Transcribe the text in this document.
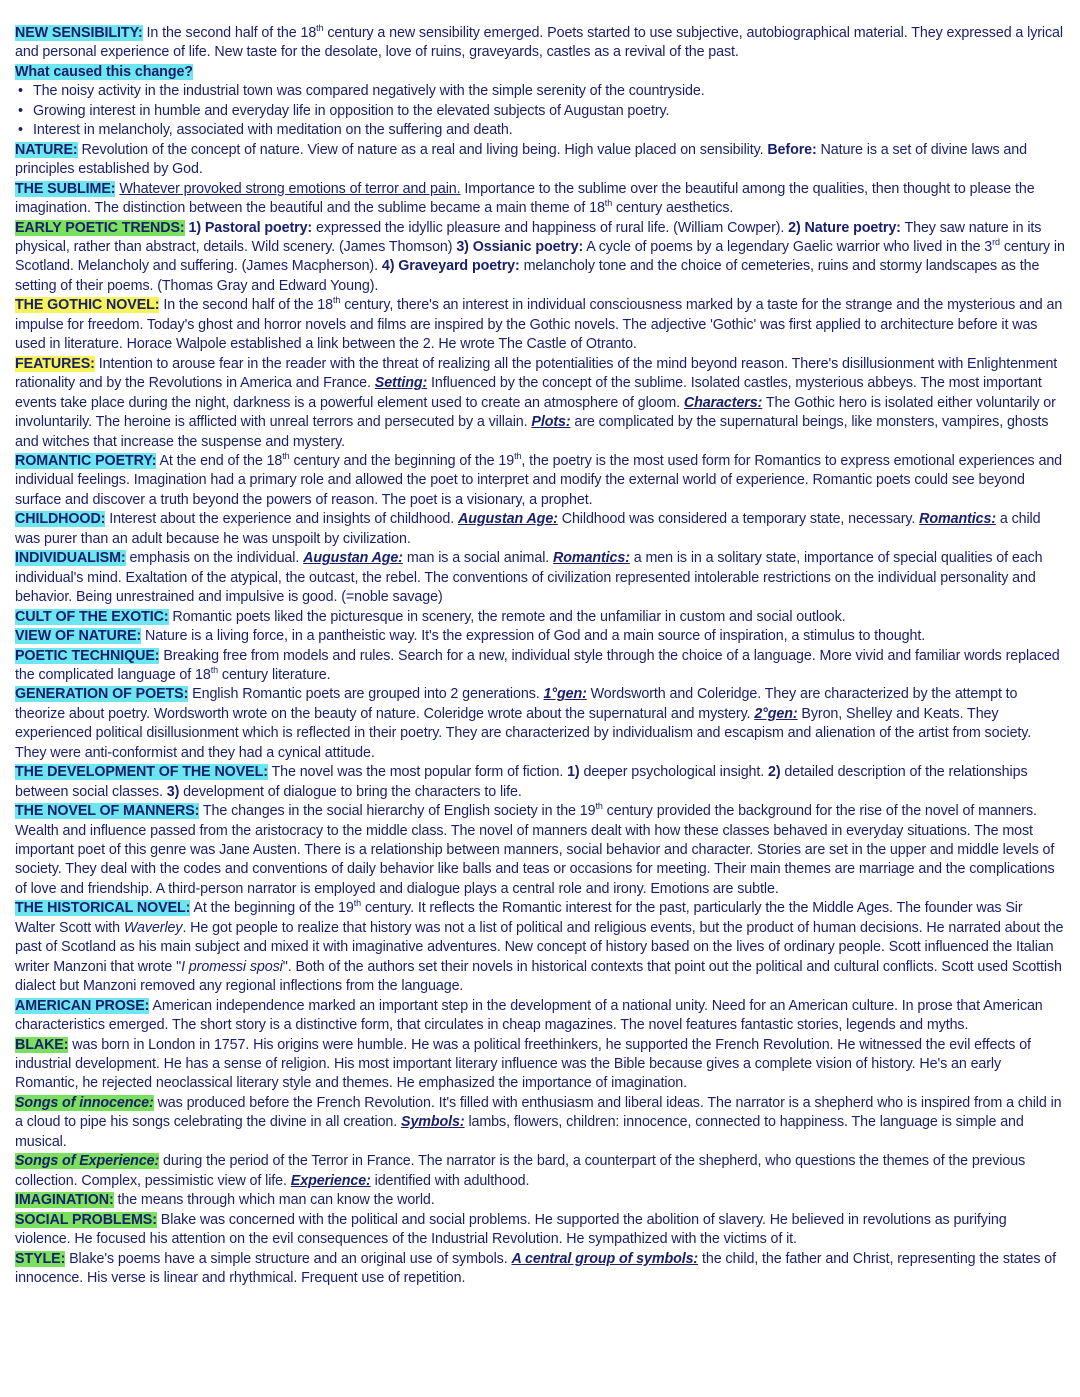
NEW SENSIBILITY: In the second half of the 18th century a new sensibility emerged. Poets started to use subjective, autobiographical material. They expressed a lyrical and personal experience of life. New taste for the desolate, love of ruins, graveyards, castles as a revival of the past.

What caused this change?

• The noisy activity in the industrial town was compared negatively with the simple serenity of the countryside.
• Growing interest in humble and everyday life in opposition to the elevated subjects of Augustan poetry.
• Interest in melancholy, associated with meditation on the suffering and death.

NATURE: Revolution of the concept of nature. View of nature as a real and living being. High value placed on sensibility. Before: Nature is a set of divine laws and principles established by God.

THE SUBLIME: Whatever provoked strong emotions of terror and pain. Importance to the sublime over the beautiful among the qualities, then thought to please the imagination. The distinction between the beautiful and the sublime became a main theme of 18th century aesthetics.

EARLY POETIC TRENDS: 1) Pastoral poetry: expressed the idyllic pleasure and happiness of rural life. (William Cowper). 2) Nature poetry: They saw nature in its physical, rather than abstract, details. Wild scenery. (James Thomson) 3) Ossianic poetry: A cycle of poems by a legendary Gaelic warrior who lived in the 3rd century in Scotland. Melancholy and suffering. (James Macpherson). 4) Graveyard poetry: melancholy tone and the choice of cemeteries, ruins and stormy landscapes as the setting of their poems. (Thomas Gray and Edward Young).

THE GOTHIC NOVEL: In the second half of the 18th century, there's an interest in individual consciousness marked by a taste for the strange and the mysterious and an impulse for freedom. Today's ghost and horror novels and films are inspired by the Gothic novels. The adjective 'Gothic' was first applied to architecture before it was used in literature. Horace Walpole established a link between the 2. He wrote The Castle of Otranto.

FEATURES: Intention to arouse fear in the reader with the threat of realizing all the potentialities of the mind beyond reason. There's disillusionment with Enlightenment rationality and by the Revolutions in America and France. Setting: Influenced by the concept of the sublime. Isolated castles, mysterious abbeys. The most important events take place during the night, darkness is a powerful element used to create an atmosphere of gloom. Characters: The Gothic hero is isolated either voluntarily or involuntarily. The heroine is afflicted with unreal terrors and persecuted by a villain. Plots: are complicated by the supernatural beings, like monsters, vampires, ghosts and witches that increase the suspense and mystery.

ROMANTIC POETRY: At the end of the 18th century and the beginning of the 19th, the poetry is the most used form for Romantics to express emotional experiences and individual feelings. Imagination had a primary role and allowed the poet to interpret and modify the external world of experience. Romantic poets could see beyond surface and discover a truth beyond the powers of reason. The poet is a visionary, a prophet.

CHILDHOOD: Interest about the experience and insights of childhood. Augustan Age: Childhood was considered a temporary state, necessary. Romantics: a child was purer than an adult because he was unspoilt by civilization.

INDIVIDUALISM: emphasis on the individual. Augustan Age: man is a social animal. Romantics: a men is in a solitary state, importance of special qualities of each individual's mind. Exaltation of the atypical, the outcast, the rebel. The conventions of civilization represented intolerable restrictions on the individual personality and behavior. Being unrestrained and impulsive is good. (=noble savage)

CULT OF THE EXOTIC: Romantic poets liked the picturesque in scenery, the remote and the unfamiliar in custom and social outlook.

VIEW OF NATURE: Nature is a living force, in a pantheistic way. It's the expression of God and a main source of inspiration, a stimulus to thought.

POETIC TECHNIQUE: Breaking free from models and rules. Search for a new, individual style through the choice of a language. More vivid and familiar words replaced the complicated language of 18th century literature.

GENERATION OF POETS: English Romantic poets are grouped into 2 generations. 1°gen: Wordsworth and Coleridge. They are characterized by the attempt to theorize about poetry. Wordsworth wrote on the beauty of nature. Coleridge wrote about the supernatural and mystery. 2°gen: Byron, Shelley and Keats. They experienced political disillusionment which is reflected in their poetry. They are characterized by individualism and escapism and alienation of the artist from society. They were anti-conformist and they had a cynical attitude.

THE DEVELOPMENT OF THE NOVEL: The novel was the most popular form of fiction. 1) deeper psychological insight. 2) detailed description of the relationships between social classes. 3) development of dialogue to bring the characters to life.

THE NOVEL OF MANNERS: The changes in the social hierarchy of English society in the 19th century provided the background for the rise of the novel of manners. Wealth and influence passed from the aristocracy to the middle class. The novel of manners dealt with how these classes behaved in everyday situations. The most important poet of this genre was Jane Austen. There is a relationship between manners, social behavior and character. Stories are set in the upper and middle levels of society. They deal with the codes and conventions of daily behavior like balls and teas or occasions for meeting. Their main themes are marriage and the complications of love and friendship. A third-person narrator is employed and dialogue plays a central role and irony. Emotions are subtle.

THE HISTORICAL NOVEL: At the beginning of the 19th century. It reflects the Romantic interest for the past, particularly the the Middle Ages. The founder was Sir Walter Scott with Waverley. He got people to realize that history was not a list of political and religious events, but the product of human decisions. He narrated about the past of Scotland as his main subject and mixed it with imaginative adventures. New concept of history based on the lives of ordinary people. Scott influenced the Italian writer Manzoni that wrote "I promessi sposi". Both of the authors set their novels in historical contexts that point out the political and cultural conflicts. Scott used Scottish dialect but Manzoni removed any regional inflections from the language.

AMERICAN PROSE: American independence marked an important step in the development of a national unity. Need for an American culture. In prose that American characteristics emerged. The short story is a distinctive form, that circulates in cheap magazines. The novel features fantastic stories, legends and myths.

BLAKE: was born in London in 1757. His origins were humble. He was a political freethinkers, he supported the French Revolution. He witnessed the evil effects of industrial development. He has a sense of religion. His most important literary influence was the Bible because gives a complete vision of history. He's an early Romantic, he rejected neoclassical literary style and themes. He emphasized the importance of imagination.

Songs of innocence: was produced before the French Revolution. It's filled with enthusiasm and liberal ideas. The narrator is a shepherd who is inspired from a child in a cloud to pipe his songs celebrating the divine in all creation. Symbols: lambs, flowers, children: innocence, connected to happiness. The language is simple and musical.

Songs of Experience: during the period of the Terror in France. The narrator is the bard, a counterpart of the shepherd, who questions the themes of the previous collection. Complex, pessimistic view of life. Experience: identified with adulthood.

IMAGINATION: the means through which man can know the world.

SOCIAL PROBLEMS: Blake was concerned with the political and social problems. He supported the abolition of slavery. He believed in revolutions as purifying violence. He focused his attention on the evil consequences of the Industrial Revolution. He sympathized with the victims of it.

STYLE: Blake's poems have a simple structure and an original use of symbols. A central group of symbols: the child, the father and Christ, representing the states of innocence. His verse is linear and rhythmical. Frequent use of repetition.
